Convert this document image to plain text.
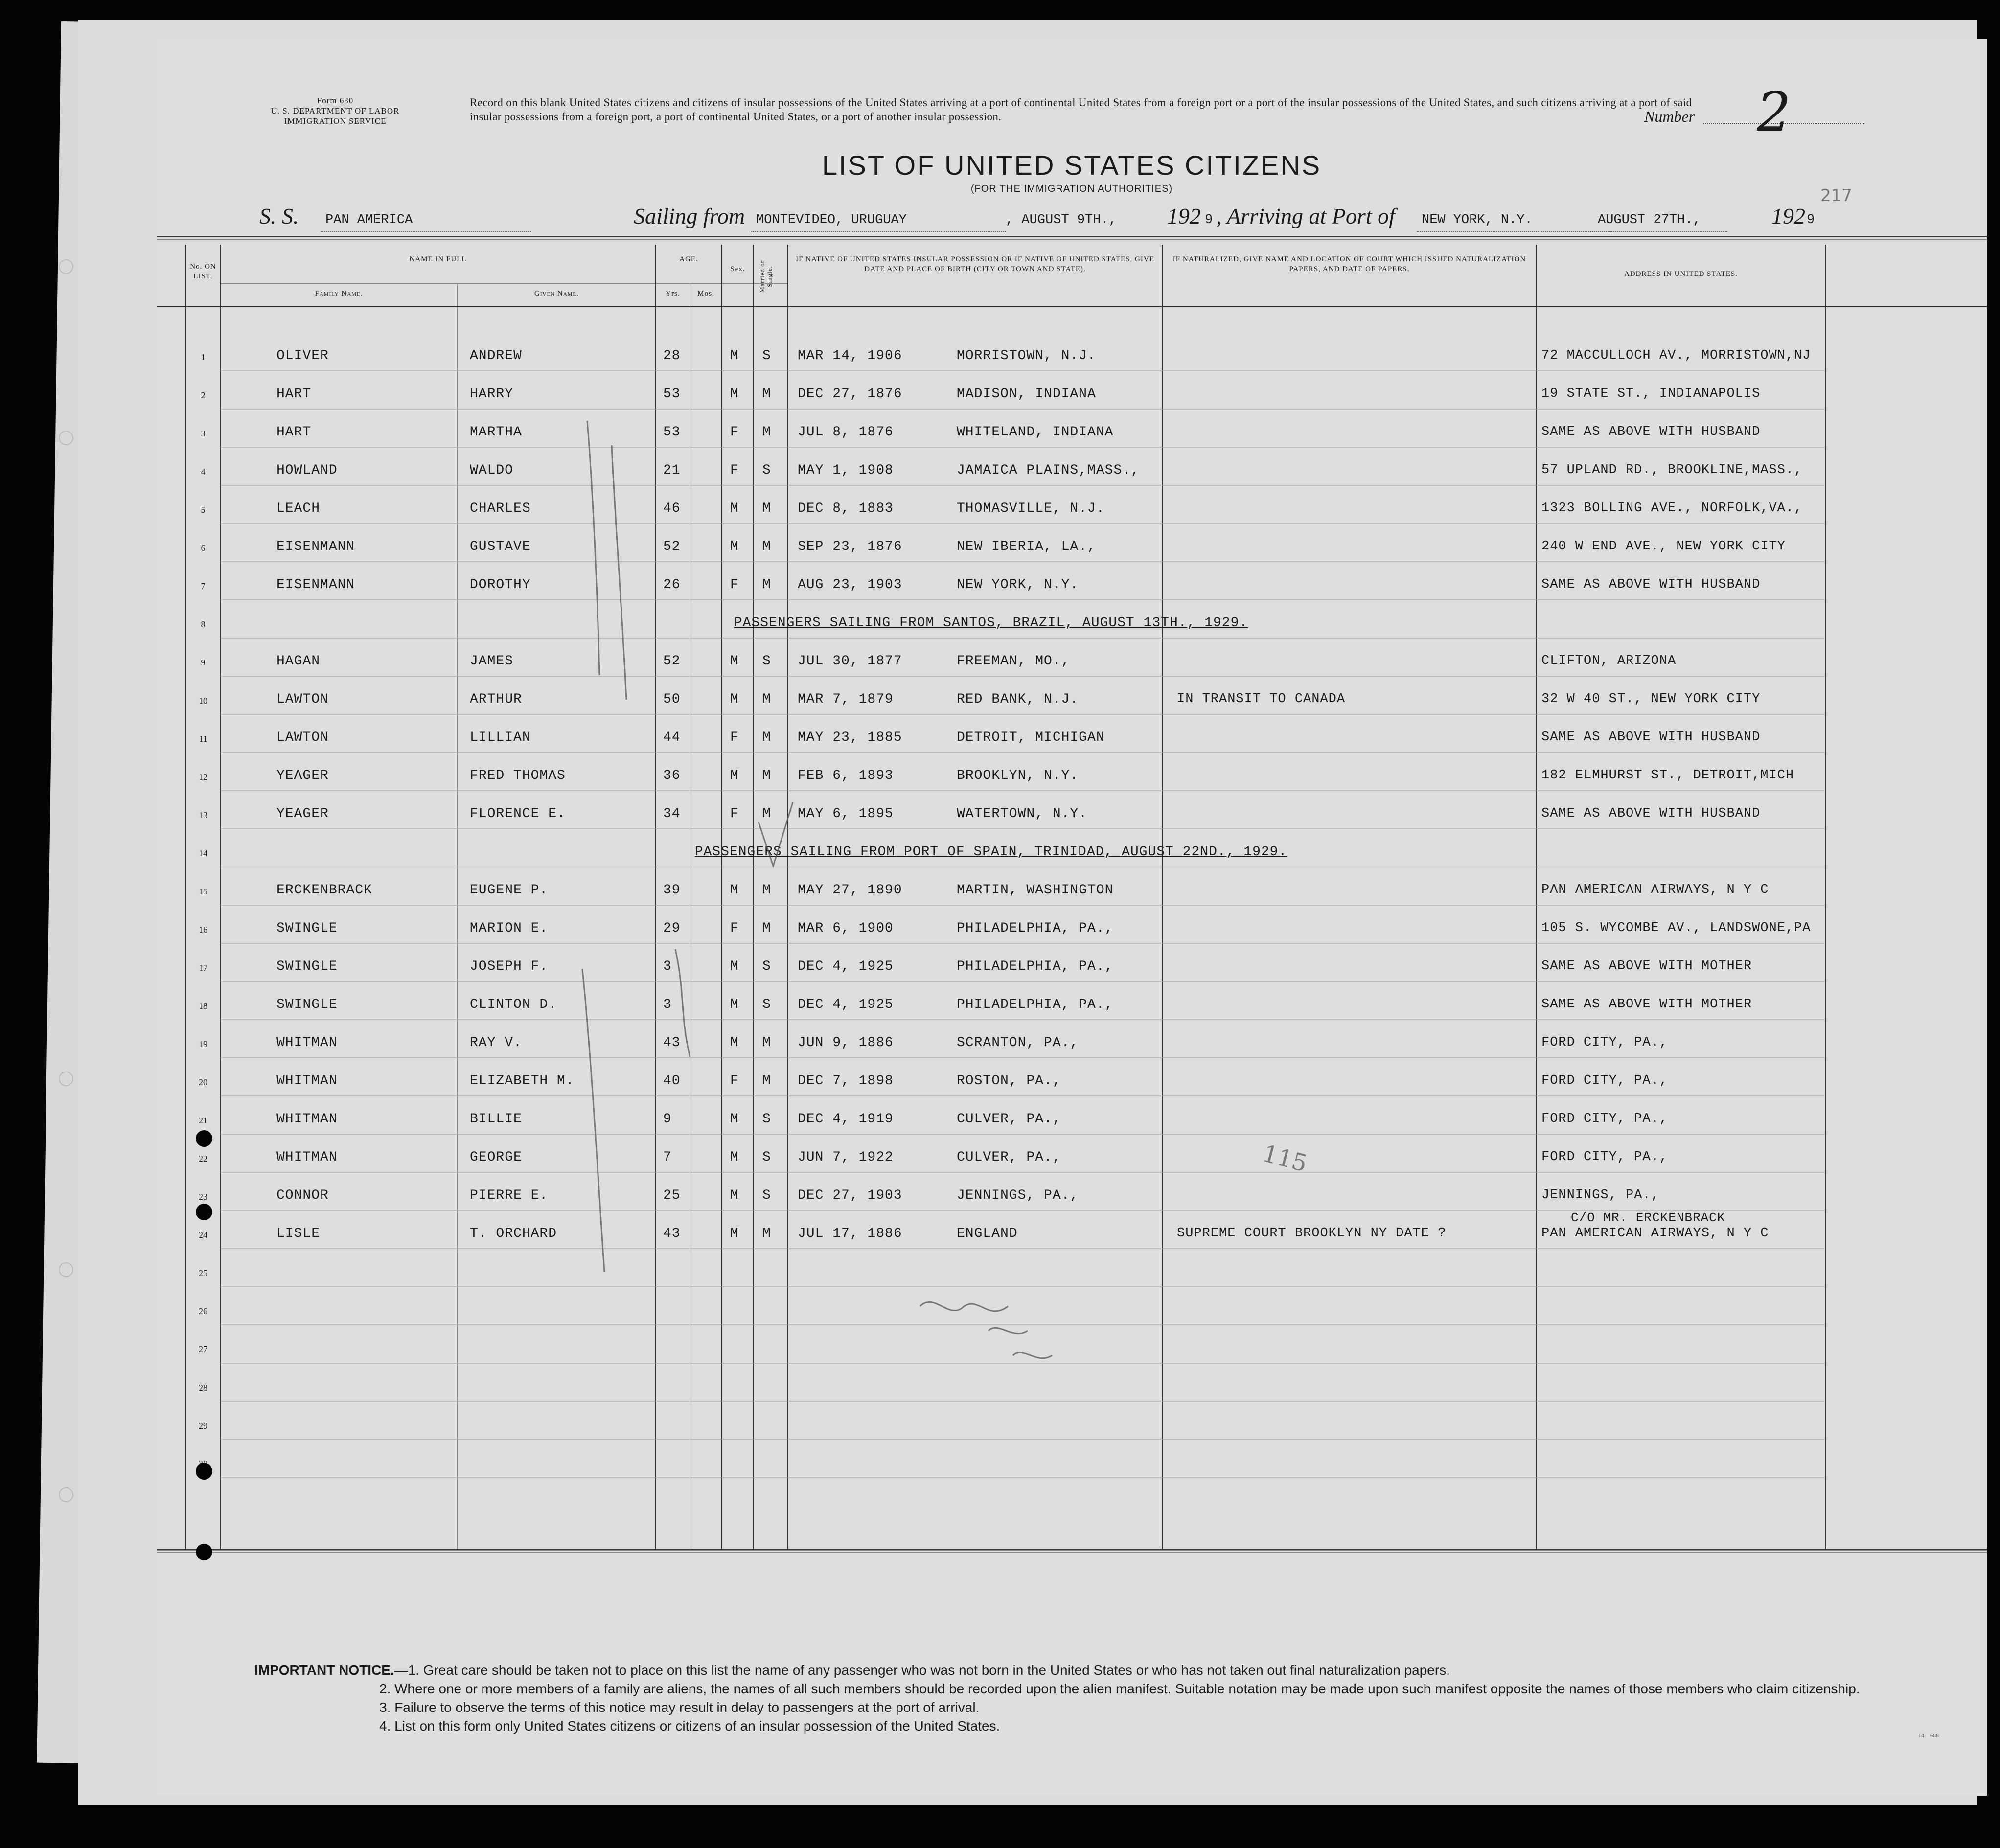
Form 630
U. S. DEPARTMENT OF LABOR
IMMIGRATION SERVICE
Record on this blank United States citizens and citizens of insular possessions of the United States arriving at a port of continental United States from a foreign port or a port of the insular possessions of the United States, and such citizens arriving at a port of said insular possessions from a foreign port, a port of continental United States, or a port of another insular possession.	Number 2
LIST OF UNITED STATES CITIZENS
(FOR THE IMMIGRATION AUTHORITIES)	217
S. S. PAN AMERICA	Sailing from MONTEVIDEO, URUGUAY	, AUGUST 9TH., 192 9 , Arriving at Port of NEW YORK, N.Y.	AUGUST 27TH.,	192 9
No. ON LIST.
NAME IN FULL
Family Name.	Given Name.
AGE.
Yrs.	Mos.
Sex.	Married or Single.
IF NATIVE OF UNITED STATES INSULAR POSSESSION OR IF NATIVE OF UNITED STATES, GIVE DATE AND PLACE OF BIRTH (CITY OR TOWN AND STATE).
IF NATURALIZED, GIVE NAME AND LOCATION OF COURT WHICH ISSUED NATURALIZATION PAPERS, AND DATE OF PAPERS.
ADDRESS IN UNITED STATES.
1	OLIVER	ANDREW	28	M S MAR 14, 1906	MORRISTOWN, N.J.	72 MACCULLOCH AV., MORRISTOWN,NJ
2	HART	HARRY	53	M M DEC 27, 1876	MADISON, INDIANA	19 STATE ST., INDIANAPOLIS
3	HART	MARTHA	53	F M JUL 8, 1876	WHITELAND, INDIANA	SAME AS ABOVE WITH HUSBAND
4	HOWLAND	WALDO	21	F S MAY 1, 1908	JAMAICA PLAINS,MASS.,	57 UPLAND RD., BROOKLINE,MASS.,
5	LEACH	CHARLES	46	M M DEC 8, 1883	THOMASVILLE, N.J.	1323 BOLLING AVE., NORFOLK,VA.,
6	EISENMANN	GUSTAVE	52	M M SEP 23, 1876	NEW IBERIA, LA.,	240 W END AVE., NEW YORK CITY
7	EISENMANN	DOROTHY	26	F M AUG 23, 1903	NEW YORK, N.Y.	SAME AS ABOVE WITH HUSBAND
8	PASSENGERS SAILING FROM SANTOS, BRAZIL, AUGUST 13TH., 1929.
9	HAGAN	JAMES	52	M S JUL 30, 1877	FREEMAN, MO.,	CLIFTON, ARIZONA
10	LAWTON	ARTHUR	50	M M MAR 7, 1879	RED BANK, N.J.	IN TRANSIT TO CANADA	32 W 40 ST., NEW YORK CITY
11	LAWTON	LILLIAN	44	F M MAY 23, 1885	DETROIT, MICHIGAN	SAME AS ABOVE WITH HUSBAND
12	YEAGER	FRED THOMAS	36	M M FEB 6, 1893	BROOKLYN, N.Y.	182 ELMHURST ST., DETROIT,MICH
13	YEAGER	FLORENCE E.	34	F M MAY 6, 1895	WATERTOWN, N.Y.	SAME AS ABOVE WITH HUSBAND
14	PASSENGERS SAILING FROM PORT OF SPAIN, TRINIDAD, AUGUST 22ND., 1929.
15	ERCKENBRACK	EUGENE P.	39	M M MAY 27, 1890	MARTIN, WASHINGTON	PAN AMERICAN AIRWAYS, N Y C
16	SWINGLE	MARION E.	29	F M MAR 6, 1900	PHILADELPHIA, PA.,	105 S. WYCOMBE AV., LANDSWONE,PA
17	SWINGLE	JOSEPH F.	3	M S DEC 4, 1925	PHILADELPHIA, PA.,	SAME AS ABOVE WITH MOTHER
18	SWINGLE	CLINTON D.	3	M S DEC 4, 1925	PHILADELPHIA, PA.,	SAME AS ABOVE WITH MOTHER
19	WHITMAN	RAY V.	43	M M JUN 9, 1886	SCRANTON, PA.,	FORD CITY, PA.,
20	WHITMAN	ELIZABETH M.	40	F M DEC 7, 1898	ROSTON, PA.,	FORD CITY, PA.,
21	WHITMAN	BILLIE	9	M S DEC 4, 1919	CULVER, PA.,	FORD CITY, PA.,
22	WHITMAN	GEORGE	7	M S JUN 7, 1922	CULVER, PA.,	FORD CITY, PA.,
23	CONNOR	PIERRE E.	25	M S DEC 27, 1903	JENNINGS, PA.,	JENNINGS, PA.,
24	LISLE	T. ORCHARD	43	M M JUL 17, 1886	ENGLAND	SUPREME COURT BROOKLYN NY DATE ?	PAN AMERICAN AIRWAYS, N Y C
C/O MR. ERCKENBRACK
25
26
27
28
29
115
IMPORTANT NOTICE.—1. Great care should be taken not to place on this list the name of any passenger who was not born in the United States or who has not taken out final naturalization papers.
2. Where one or more members of a family are aliens, the names of all such members should be recorded upon the alien manifest. Suitable notation may be made upon such manifest opposite the names of those members who claim citizenship.
3. Failure to observe the terms of this notice may result in delay to passengers at the port of arrival.
4. List on this form only United States citizens or citizens of an insular possession of the United States.
14—608
